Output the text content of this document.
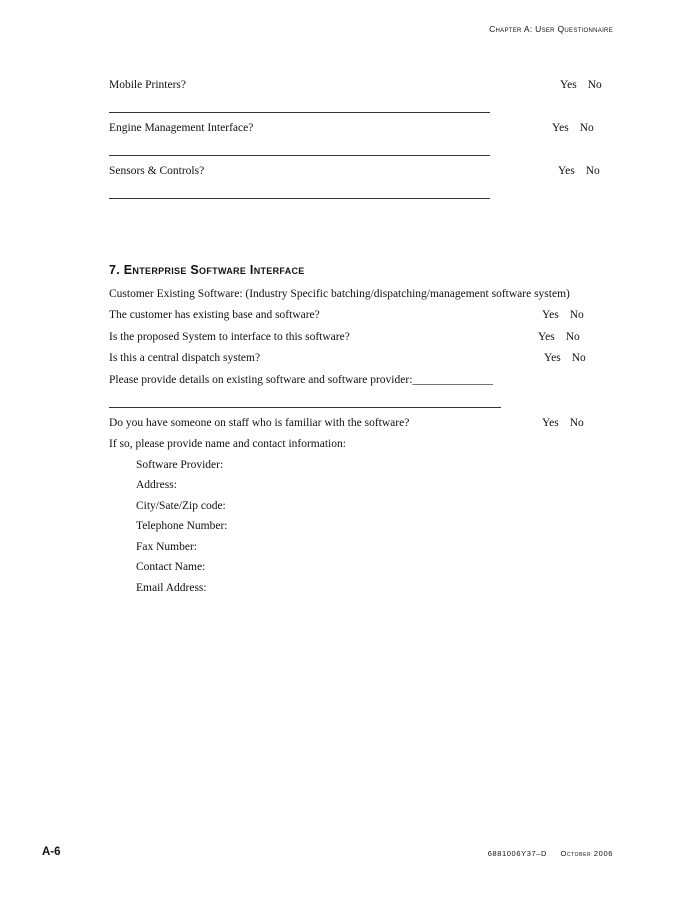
Chapter A: User Questionnaire
Mobile Printers?	Yes No
Engine Management Interface?	Yes No
Sensors & Controls?	Yes No
7. Enterprise Software Interface
Customer Existing Software: (Industry Specific batching/dispatching/management software system)
The customer has existing base and software?	Yes No
Is the proposed System to interface to this software?	Yes No
Is this a central dispatch system?	Yes No
Please provide details on existing software and software provider:______________
Do you have someone on staff who is familiar with the software?	Yes No
If so, please provide name and contact information:
Software Provider:
Address:
City/Sate/Zip code:
Telephone Number:
Fax Number:
Contact Name:
Email Address:
A-6	6881006Y37–D     October 2006
